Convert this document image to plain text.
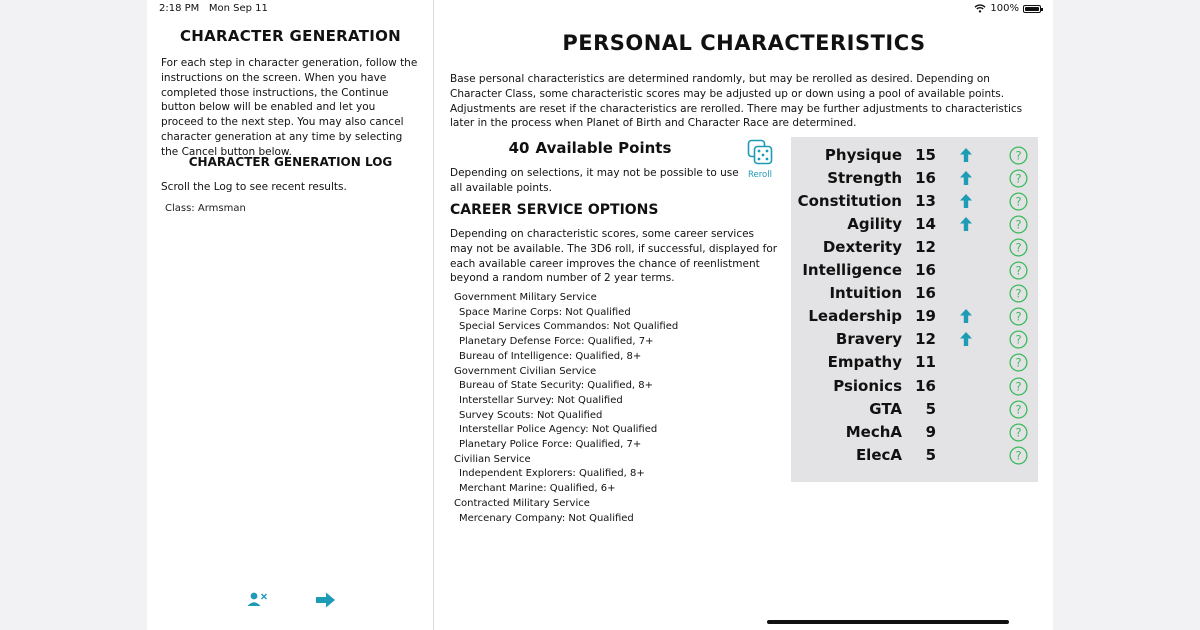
2:18 PM Mon Sep 11	100%
CHARACTER GENERATION
For each step in character generation, follow the instructions on the screen. When you have completed those instructions, the Continue button below will be enabled and let you proceed to the next step. You may also cancel character generation at any time by selecting the Cancel button below.
CHARACTER GENERATION LOG
Scroll the Log to see recent results.
Class: Armsman
PERSONAL CHARACTERISTICS
Base personal characteristics are determined randomly, but may be rerolled as desired. Depending on Character Class, some characteristic scores may be adjusted up or down using a pool of available points. Adjustments are reset if the characteristics are rerolled. There may be further adjustments to characteristics later in the process when Planet of Birth and Character Race are determined.
40 Available Points
Reroll
Depending on selections, it may not be possible to use all available points.
CAREER SERVICE OPTIONS
Depending on characteristic scores, some career services may not be available. The 3D6 roll, if successful, displayed for each available career improves the chance of reenlistment beyond a random number of 2 year terms.
Government Military Service
Space Marine Corps: Not Qualified
Special Services Commandos: Not Qualified
Planetary Defense Force: Qualified, 7+
Bureau of Intelligence: Qualified, 8+
Government Civilian Service
Bureau of State Security: Qualified, 8+
Interstellar Survey: Not Qualified
Survey Scouts: Not Qualified
Interstellar Police Agency: Not Qualified
Planetary Police Force: Qualified, 7+
Civilian Service
Independent Explorers: Qualified, 8+
Merchant Marine: Qualified, 6+
Contracted Military Service
Mercenary Company: Not Qualified
Physique 15	?
Strength 16	?
Constitution 13	?
Agility 14	?
Dexterity 12	?
Intelligence 16	?
Intuition 16	?
Leadership 19	?
Bravery 12	?
Empathy 11	?
Psionics 16	?
GTA	5	?
MechA	9	?
ElecA	5	?
